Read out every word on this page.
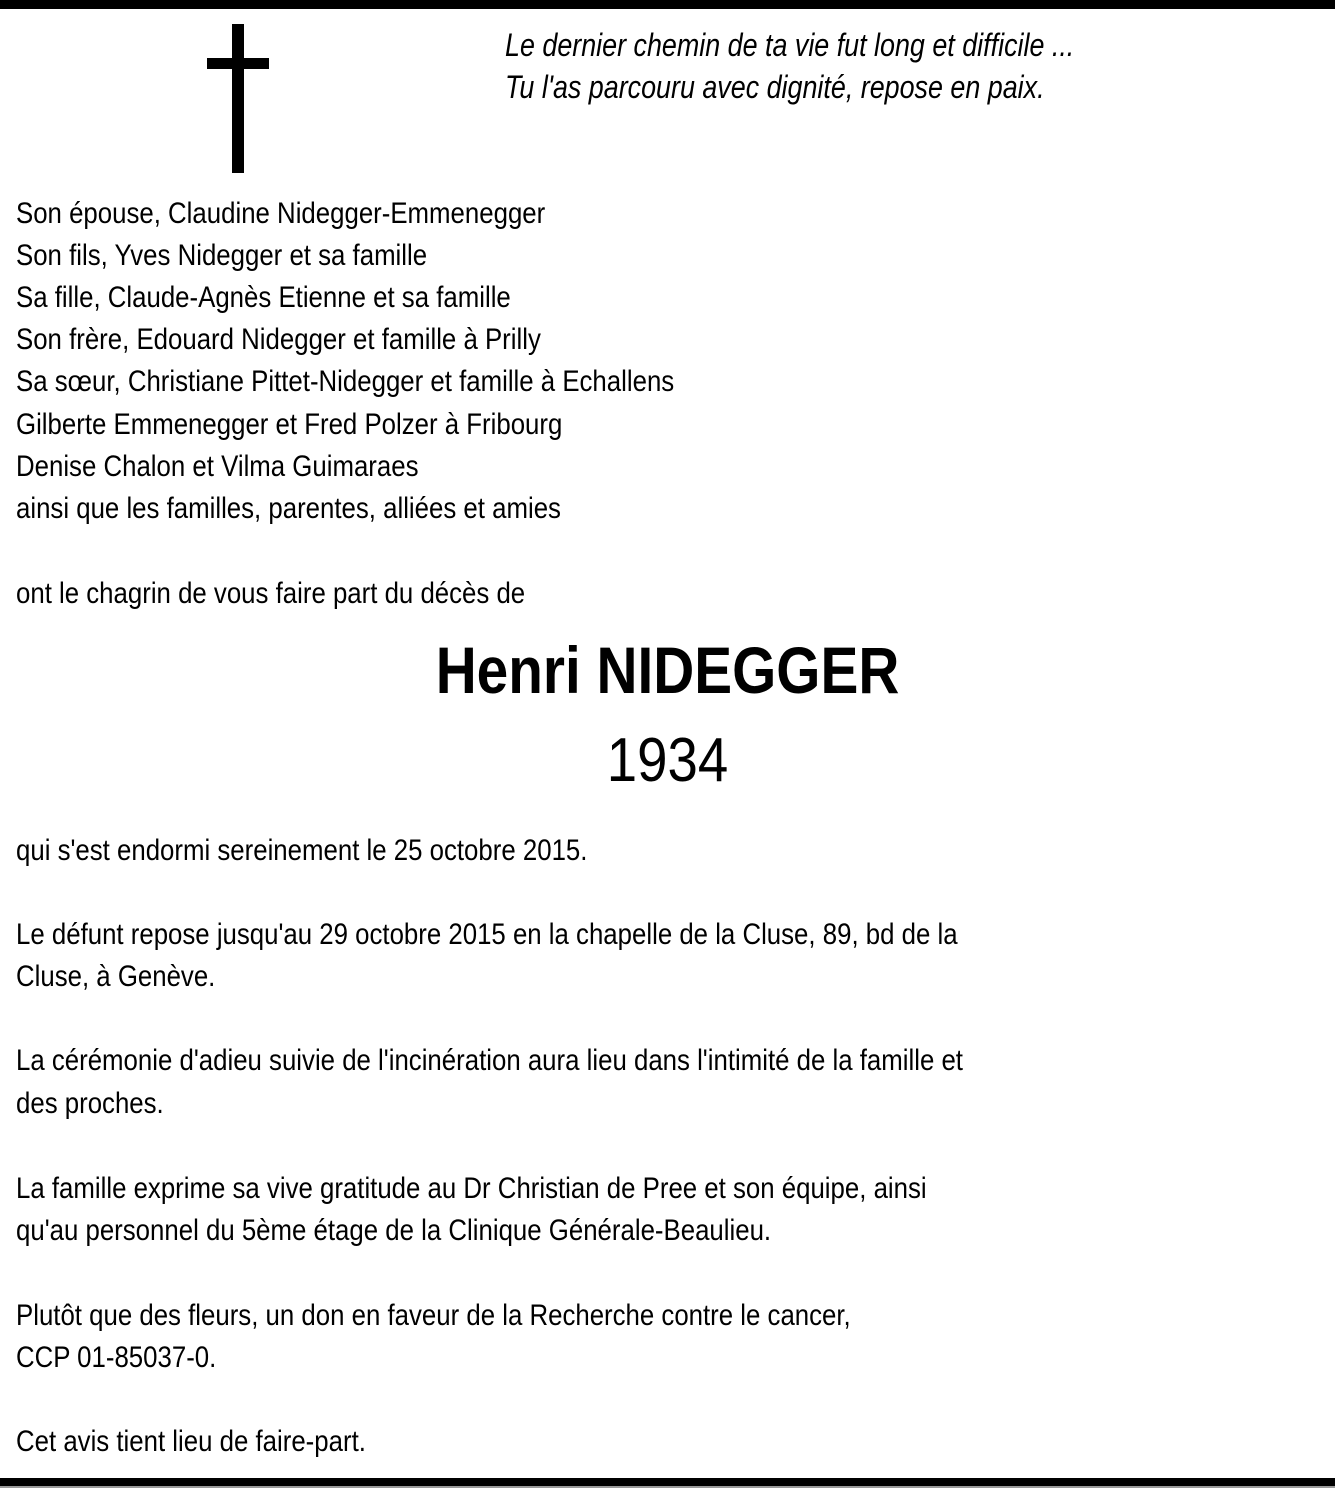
Le dernier chemin de ta vie fut long et difficile ...
Tu l'as parcouru avec dignité, repose en paix.
Son épouse, Claudine Nidegger-Emmenegger
Son fils, Yves Nidegger et sa famille
Sa fille, Claude-Agnès Etienne et sa famille
Son frère, Edouard Nidegger et famille à Prilly
Sa sœur, Christiane Pittet-Nidegger et famille à Echallens
Gilberte Emmenegger et Fred Polzer à Fribourg
Denise Chalon et Vilma Guimaraes
ainsi que les familles, parentes, alliées et amies
ont le chagrin de vous faire part du décès de
Henri NIDEGGER
1934
qui s'est endormi sereinement le 25 octobre 2015.
Le défunt repose jusqu'au 29 octobre 2015 en la chapelle de la Cluse, 89, bd de la
Cluse, à Genève.
La cérémonie d'adieu suivie de l'incinération aura lieu dans l'intimité de la famille et
des proches.
La famille exprime sa vive gratitude au Dr Christian de Pree et son équipe, ainsi
qu'au personnel du 5ème étage de la Clinique Générale-Beaulieu.
Plutôt que des fleurs, un don en faveur de la Recherche contre le cancer,
CCP 01-85037-0.
Cet avis tient lieu de faire-part.
